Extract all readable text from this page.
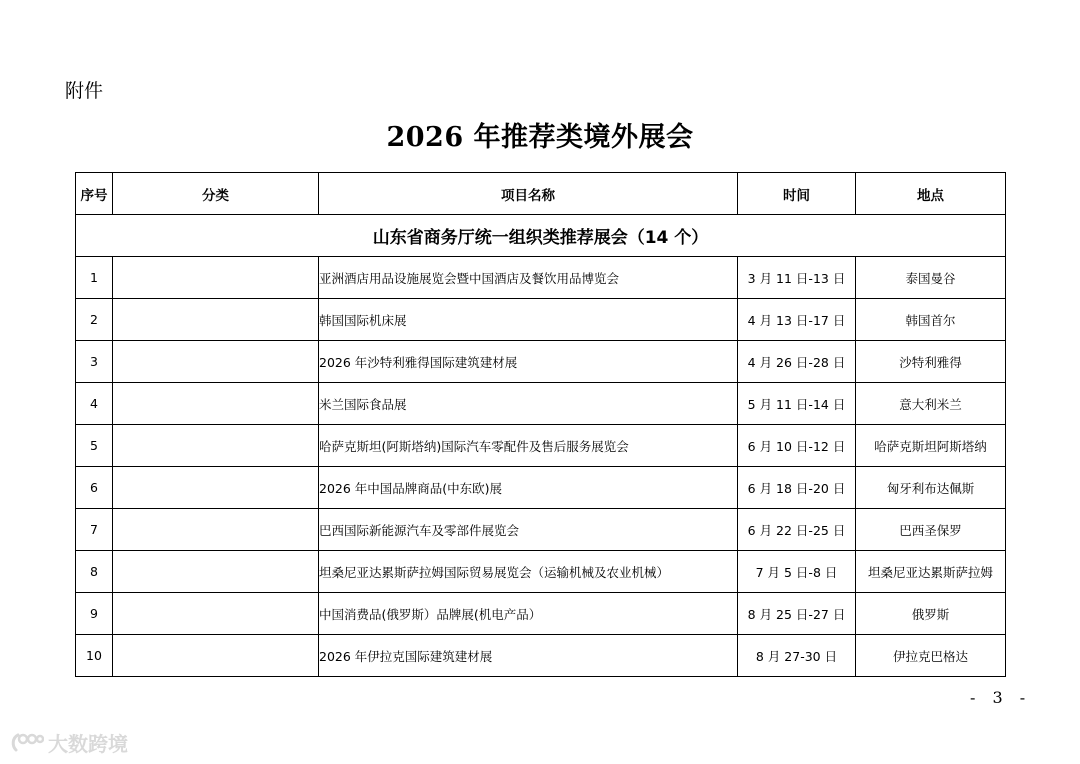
附件
2026 年推荐类境外展会
序号	分类	项目名称	时间	地点
山东省商务厅统一组织类推荐展会（14 个）				
1		亚洲酒店用品设施展览会暨中国酒店及餐饮用品博览会	3 月 11 日-13 日	泰国曼谷
2		韩国国际机床展	4 月 13 日-17 日	韩国首尔
3		2026 年沙特利雅得国际建筑建材展	4 月 26 日-28 日	沙特利雅得
4		米兰国际食品展	5 月 11 日-14 日	意大利米兰
5		哈萨克斯坦(阿斯塔纳)国际汽车零配件及售后服务展览会	6 月 10 日-12 日	哈萨克斯坦阿斯塔纳
6		2026 年中国品牌商品(中东欧)展	6 月 18 日-20 日	匈牙利布达佩斯
7		巴西国际新能源汽车及零部件展览会	6 月 22 日-25 日	巴西圣保罗
8		坦桑尼亚达累斯萨拉姆国际贸易展览会（运输机械及农业机械）	7 月 5 日-8 日	坦桑尼亚达累斯萨拉姆
9		中国消费品(俄罗斯）品牌展(机电产品）	8 月 25 日-27 日	俄罗斯
10		2026 年伊拉克国际建筑建材展	8 月 27-30 日	伊拉克巴格达
- 3 -
大数跨境
